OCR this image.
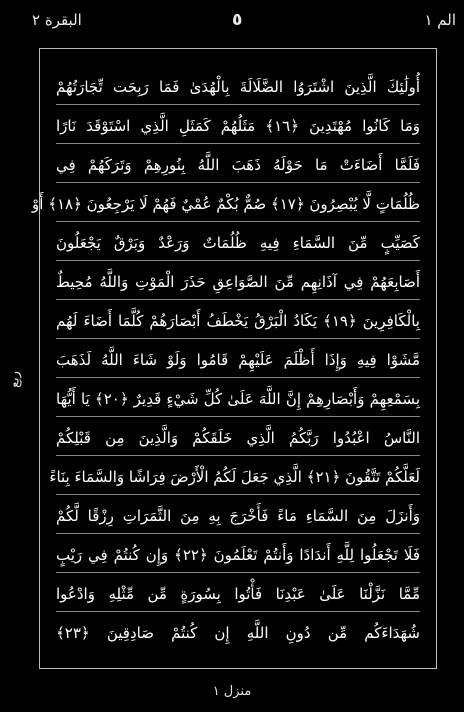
الم ١
٥
البقرة ٢
ربع
أُولَٰئِكَ الَّذِينَ اشْتَرَوُا الضَّلَالَةَ بِالْهُدَىٰ فَمَا رَبِحَت تِّجَارَتُهُمْ
وَمَا كَانُوا مُهْتَدِينَ ﴿١٦﴾ مَثَلُهُمْ كَمَثَلِ الَّذِي اسْتَوْقَدَ نَارًا
فَلَمَّا أَضَاءَتْ مَا حَوْلَهُ ذَهَبَ اللَّهُ بِنُورِهِمْ وَتَرَكَهُمْ فِي
ظُلُمَاتٍ لَّا يُبْصِرُونَ ﴿١٧﴾ صُمٌّ بُكْمٌ عُمْيٌ فَهُمْ لَا يَرْجِعُونَ ﴿١٨﴾ أَوْ
كَصَيِّبٍ مِّنَ السَّمَاءِ فِيهِ ظُلُمَاتٌ وَرَعْدٌ وَبَرْقٌ يَجْعَلُونَ
أَصَابِعَهُمْ فِي آذَانِهِم مِّنَ الصَّوَاعِقِ حَذَرَ الْمَوْتِ وَاللَّهُ مُحِيطٌ
بِالْكَافِرِينَ ﴿١٩﴾ يَكَادُ الْبَرْقُ يَخْطَفُ أَبْصَارَهُمْ كُلَّمَا أَضَاءَ لَهُم
مَّشَوْا فِيهِ وَإِذَا أَظْلَمَ عَلَيْهِمْ قَامُوا وَلَوْ شَاءَ اللَّهُ لَذَهَبَ
بِسَمْعِهِمْ وَأَبْصَارِهِمْ إِنَّ اللَّهَ عَلَىٰ كُلِّ شَيْءٍ قَدِيرٌ ﴿٢٠﴾ يَا أَيُّهَا
النَّاسُ اعْبُدُوا رَبَّكُمُ الَّذِي خَلَقَكُمْ وَالَّذِينَ مِن قَبْلِكُمْ
لَعَلَّكُمْ تَتَّقُونَ ﴿٢١﴾ الَّذِي جَعَلَ لَكُمُ الْأَرْضَ فِرَاشًا وَالسَّمَاءَ بِنَاءً
وَأَنزَلَ مِنَ السَّمَاءِ مَاءً فَأَخْرَجَ بِهِ مِنَ الثَّمَرَاتِ رِزْقًا لَّكُمْ
فَلَا تَجْعَلُوا لِلَّهِ أَندَادًا وَأَنتُمْ تَعْلَمُونَ ﴿٢٢﴾ وَإِن كُنتُمْ فِي رَيْبٍ
مِّمَّا نَزَّلْنَا عَلَىٰ عَبْدِنَا فَأْتُوا بِسُورَةٍ مِّن مِّثْلِهِ وَادْعُوا
شُهَدَاءَكُم مِّن دُونِ اللَّهِ إِن كُنتُمْ صَادِقِينَ ﴿٢٣﴾
منزل ١
